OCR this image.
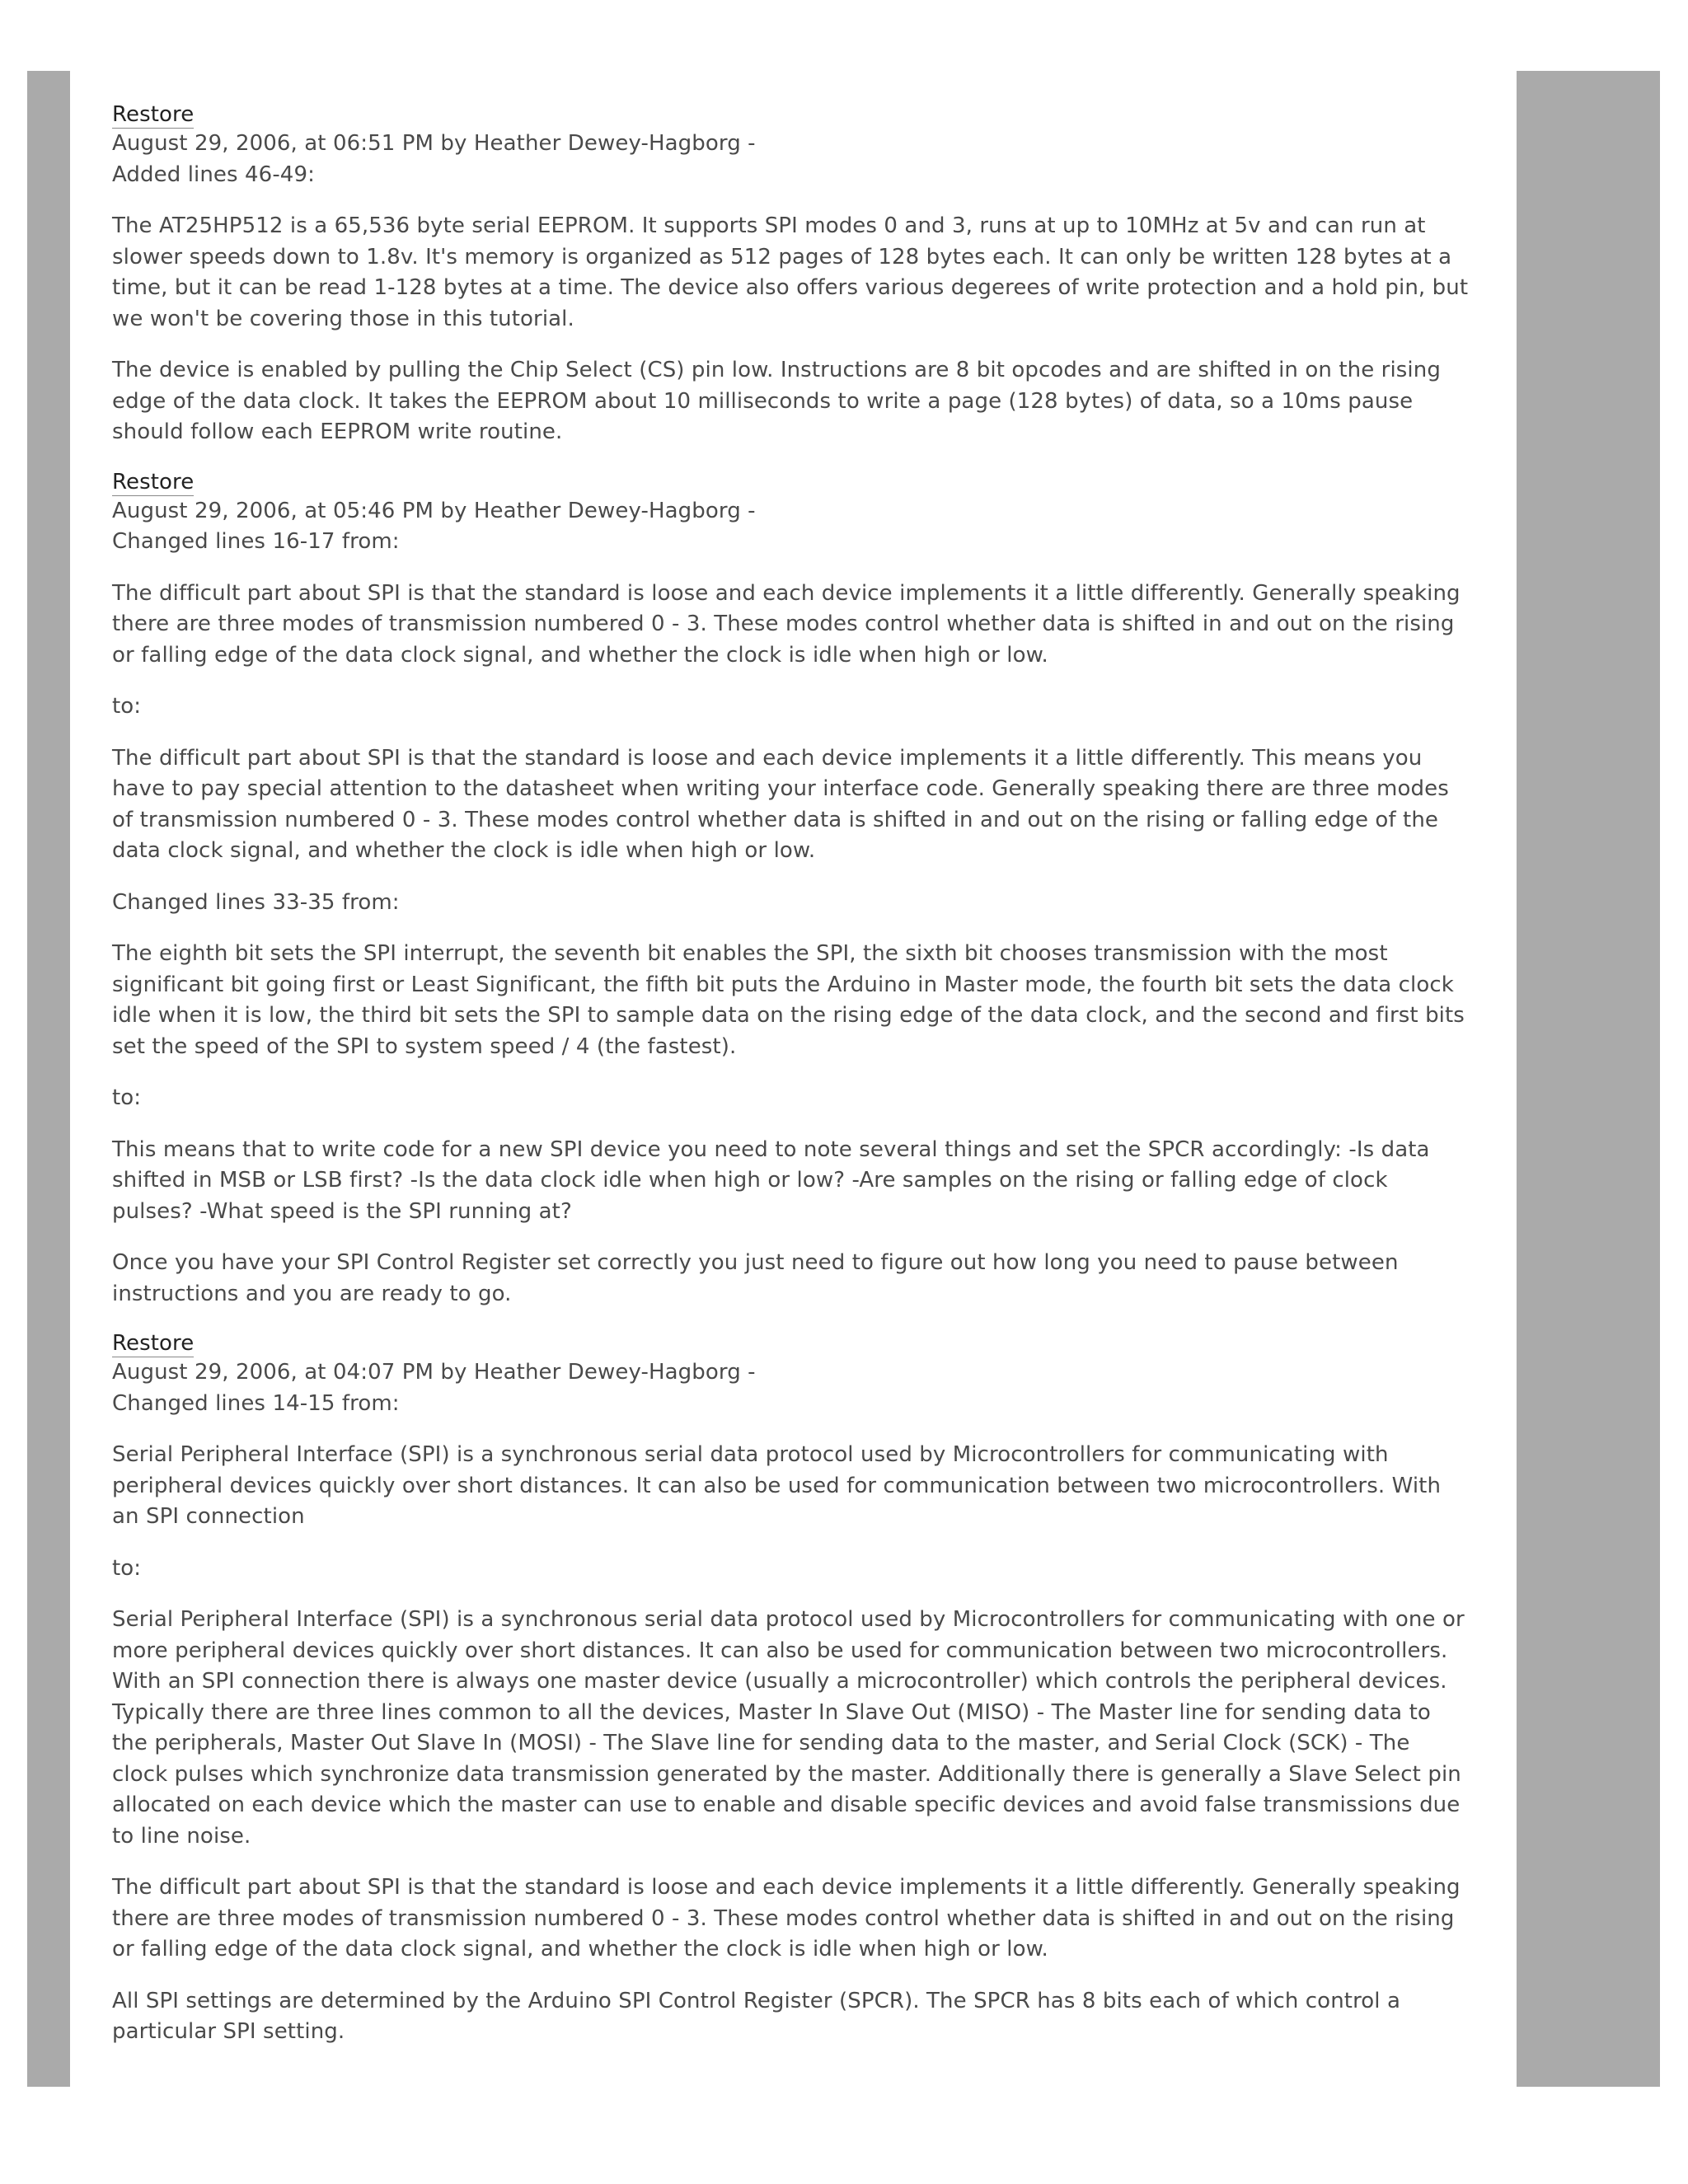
Restore
August 29, 2006, at 06:51 PM by Heather Dewey-Hagborg -
Added lines 46-49:

The AT25HP512 is a 65,536 byte serial EEPROM. It supports SPI modes 0 and 3, runs at up to 10MHz at 5v and can run at slower speeds down to 1.8v. It's memory is organized as 512 pages of 128 bytes each. It can only be written 128 bytes at a time, but it can be read 1-128 bytes at a time. The device also offers various degerees of write protection and a hold pin, but we won't be covering those in this tutorial.

The device is enabled by pulling the Chip Select (CS) pin low. Instructions are 8 bit opcodes and are shifted in on the rising edge of the data clock. It takes the EEPROM about 10 milliseconds to write a page (128 bytes) of data, so a 10ms pause should follow each EEPROM write routine.

Restore
August 29, 2006, at 05:46 PM by Heather Dewey-Hagborg -
Changed lines 16-17 from:

The difficult part about SPI is that the standard is loose and each device implements it a little differently. Generally speaking there are three modes of transmission numbered 0 - 3. These modes control whether data is shifted in and out on the rising or falling edge of the data clock signal, and whether the clock is idle when high or low.

to:

The difficult part about SPI is that the standard is loose and each device implements it a little differently. This means you have to pay special attention to the datasheet when writing your interface code. Generally speaking there are three modes of transmission numbered 0 - 3. These modes control whether data is shifted in and out on the rising or falling edge of the data clock signal, and whether the clock is idle when high or low.

Changed lines 33-35 from:

The eighth bit sets the SPI interrupt, the seventh bit enables the SPI, the sixth bit chooses transmission with the most significant bit going first or Least Significant, the fifth bit puts the Arduino in Master mode, the fourth bit sets the data clock idle when it is low, the third bit sets the SPI to sample data on the rising edge of the data clock, and the second and first bits set the speed of the SPI to system speed / 4 (the fastest).

to:

This means that to write code for a new SPI device you need to note several things and set the SPCR accordingly: -Is data shifted in MSB or LSB first? -Is the data clock idle when high or low? -Are samples on the rising or falling edge of clock pulses? -What speed is the SPI running at?

Once you have your SPI Control Register set correctly you just need to figure out how long you need to pause between instructions and you are ready to go.

Restore
August 29, 2006, at 04:07 PM by Heather Dewey-Hagborg -
Changed lines 14-15 from:

Serial Peripheral Interface (SPI) is a synchronous serial data protocol used by Microcontrollers for communicating with peripheral devices quickly over short distances. It can also be used for communication between two microcontrollers. With an SPI connection

to:

Serial Peripheral Interface (SPI) is a synchronous serial data protocol used by Microcontrollers for communicating with one or more peripheral devices quickly over short distances. It can also be used for communication between two microcontrollers. With an SPI connection there is always one master device (usually a microcontroller) which controls the peripheral devices. Typically there are three lines common to all the devices, Master In Slave Out (MISO) - The Master line for sending data to the peripherals, Master Out Slave In (MOSI) - The Slave line for sending data to the master, and Serial Clock (SCK) - The clock pulses which synchronize data transmission generated by the master. Additionally there is generally a Slave Select pin allocated on each device which the master can use to enable and disable specific devices and avoid false transmissions due to line noise.

The difficult part about SPI is that the standard is loose and each device implements it a little differently. Generally speaking there are three modes of transmission numbered 0 - 3. These modes control whether data is shifted in and out on the rising or falling edge of the data clock signal, and whether the clock is idle when high or low.

All SPI settings are determined by the Arduino SPI Control Register (SPCR). The SPCR has 8 bits each of which control a particular SPI setting.
